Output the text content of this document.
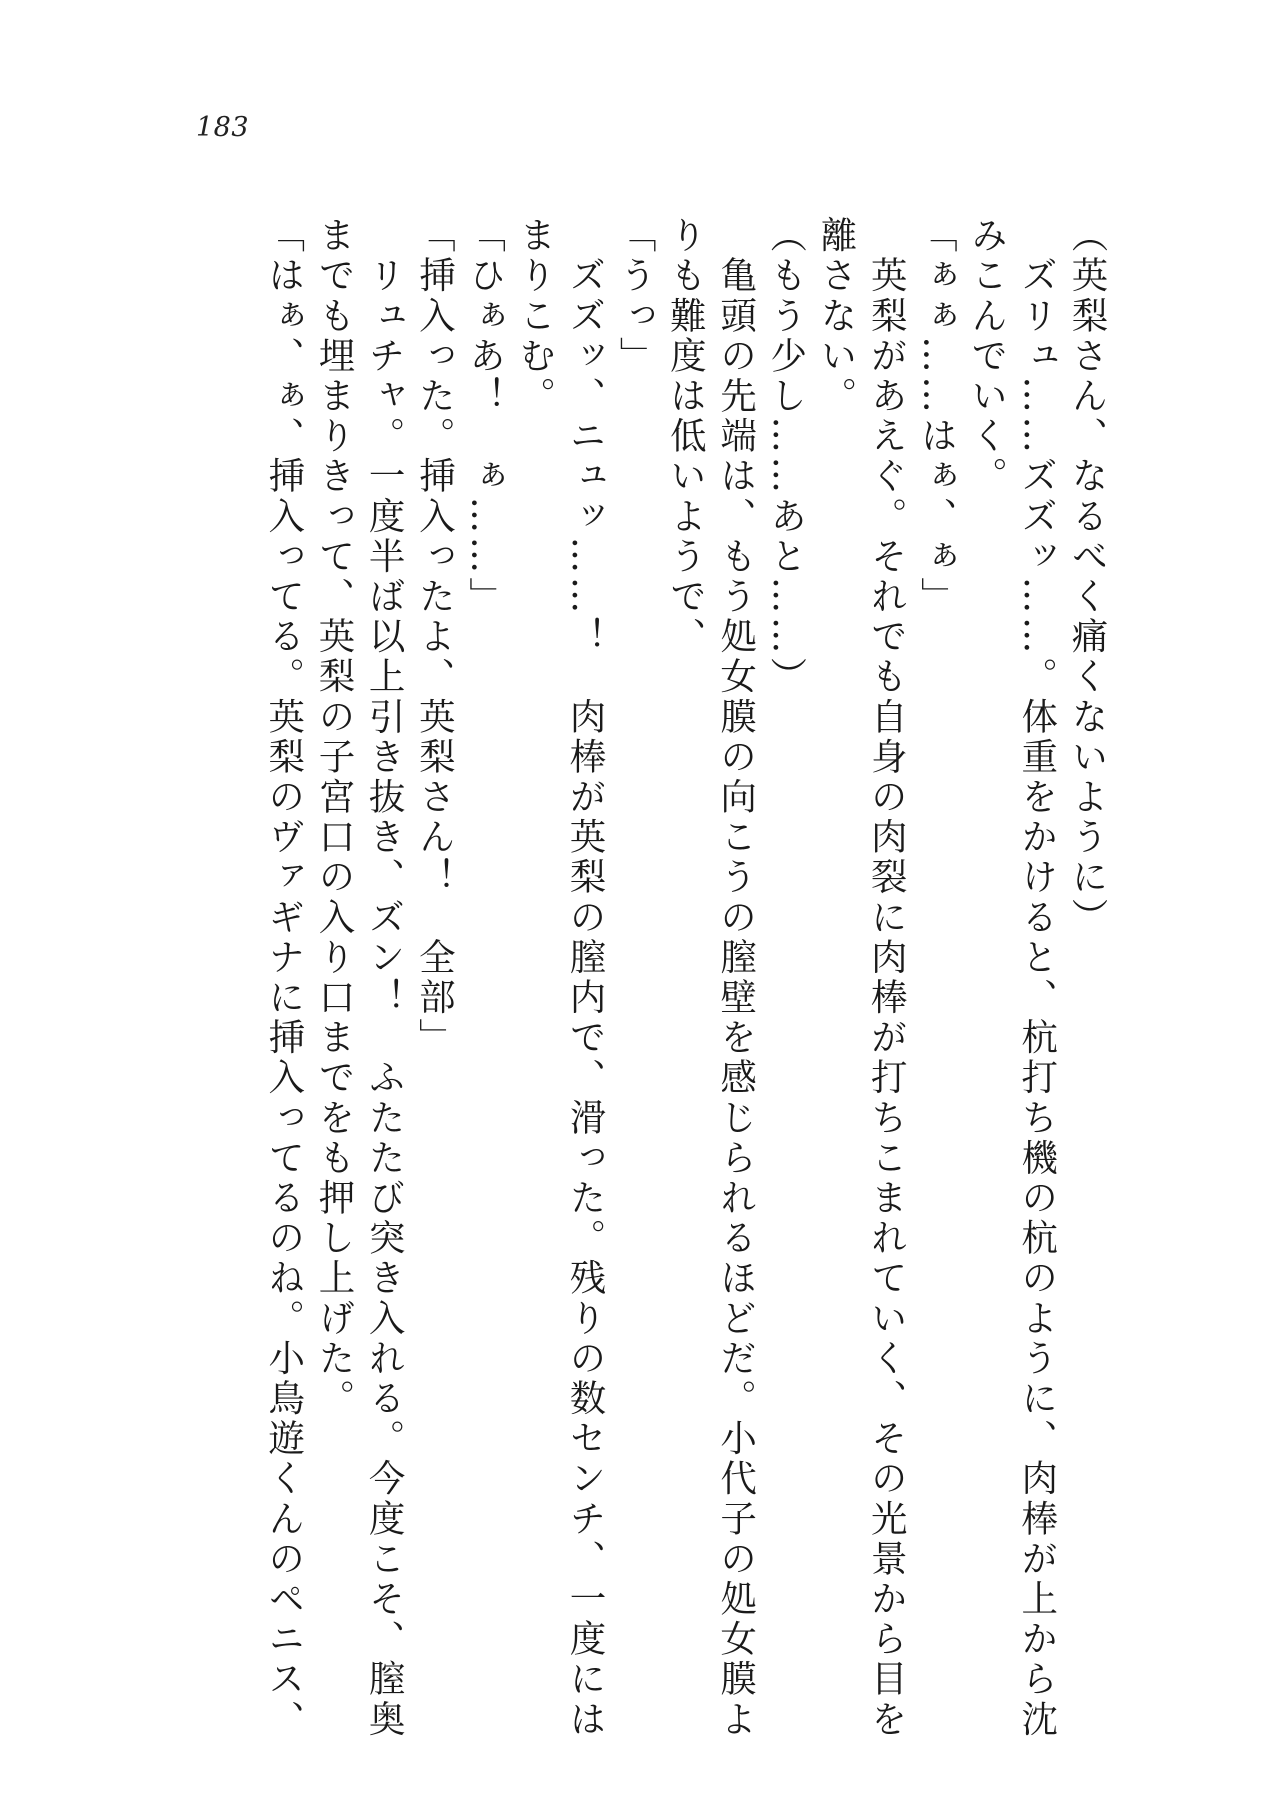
183
（英梨さん、なるべく痛くないように）
　ズリュ……ズズッ……。体重をかけると、杭打ち機の杭のように、肉棒が上から沈
みこんでいく。
「ぁぁ……はぁ、ぁ」
　英梨があえぐ。それでも自身の肉裂に肉棒が打ちこまれていく、その光景から目を
離さない。
（もう少し……あと……）
　亀頭の先端は、もう処女膜の向こうの膣壁を感じられるほどだ。小代子の処女膜よ
りも難度は低いようで、
「うっ」
　ズズッ、ニュッ……！　肉棒が英梨の膣内で、滑った。残りの数センチ、一度には
まりこむ。
「ひぁあ！　ぁ……」
「挿入った。挿入ったよ、英梨さん！　全部」
　リュチャ。一度半ば以上引き抜き、ズン！　ふたたび突き入れる。今度こそ、膣奥
までも埋まりきって、英梨の子宮口の入り口までをも押し上げた。
「はぁ、ぁ、挿入ってる。英梨のヴァギナに挿入ってるのね。小鳥遊くんのペニス、
